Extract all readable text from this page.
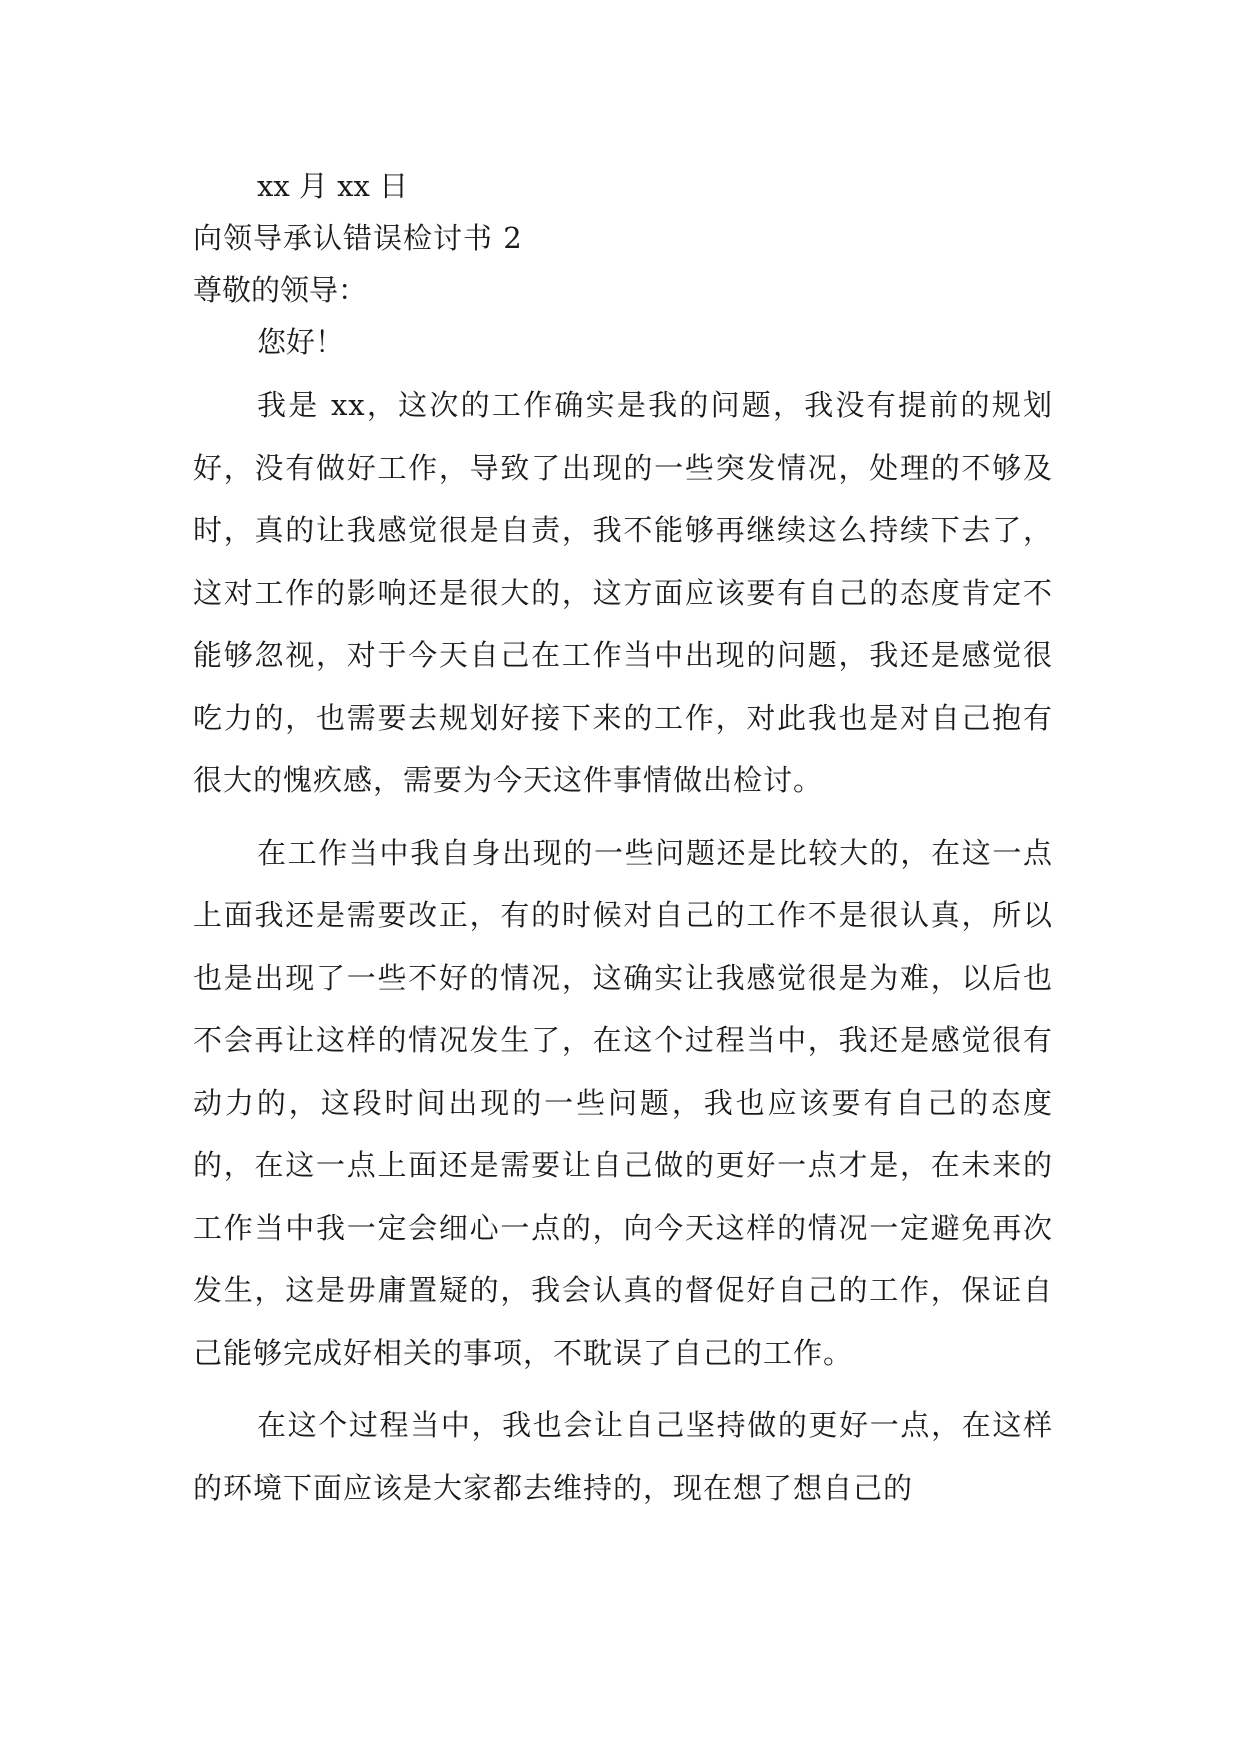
xx 月 xx 日

向领导承认错误检讨书 2

尊敬的领导：

您好！

我是 xx，这次的工作确实是我的问题，我没有提前的规划好，没有做好工作，导致了出现的一些突发情况，处理的不够及时，真的让我感觉很是自责，我不能够再继续这么持续下去了，这对工作的影响还是很大的，这方面应该要有自己的态度肯定不能够忽视，对于今天自己在工作当中出现的问题，我还是感觉很吃力的，也需要去规划好接下来的工作，对此我也是对自己抱有很大的愧疚感，需要为今天这件事情做出检讨。

在工作当中我自身出现的一些问题还是比较大的，在这一点上面我还是需要改正，有的时候对自己的工作不是很认真，所以也是出现了一些不好的情况，这确实让我感觉很是为难，以后也不会再让这样的情况发生了，在这个过程当中，我还是感觉很有动力的，这段时间出现的一些问题，我也应该要有自己的态度的，在这一点上面还是需要让自己做的更好一点才是，在未来的工作当中我一定会细心一点的，向今天这样的情况一定避免再次发生，这是毋庸置疑的，我会认真的督促好自己的工作，保证自己能够完成好相关的事项，不耽误了自己的工作。

在这个过程当中，我也会让自己坚持做的更好一点，在这样的环境下面应该是大家都去维持的，现在想了想自己的
